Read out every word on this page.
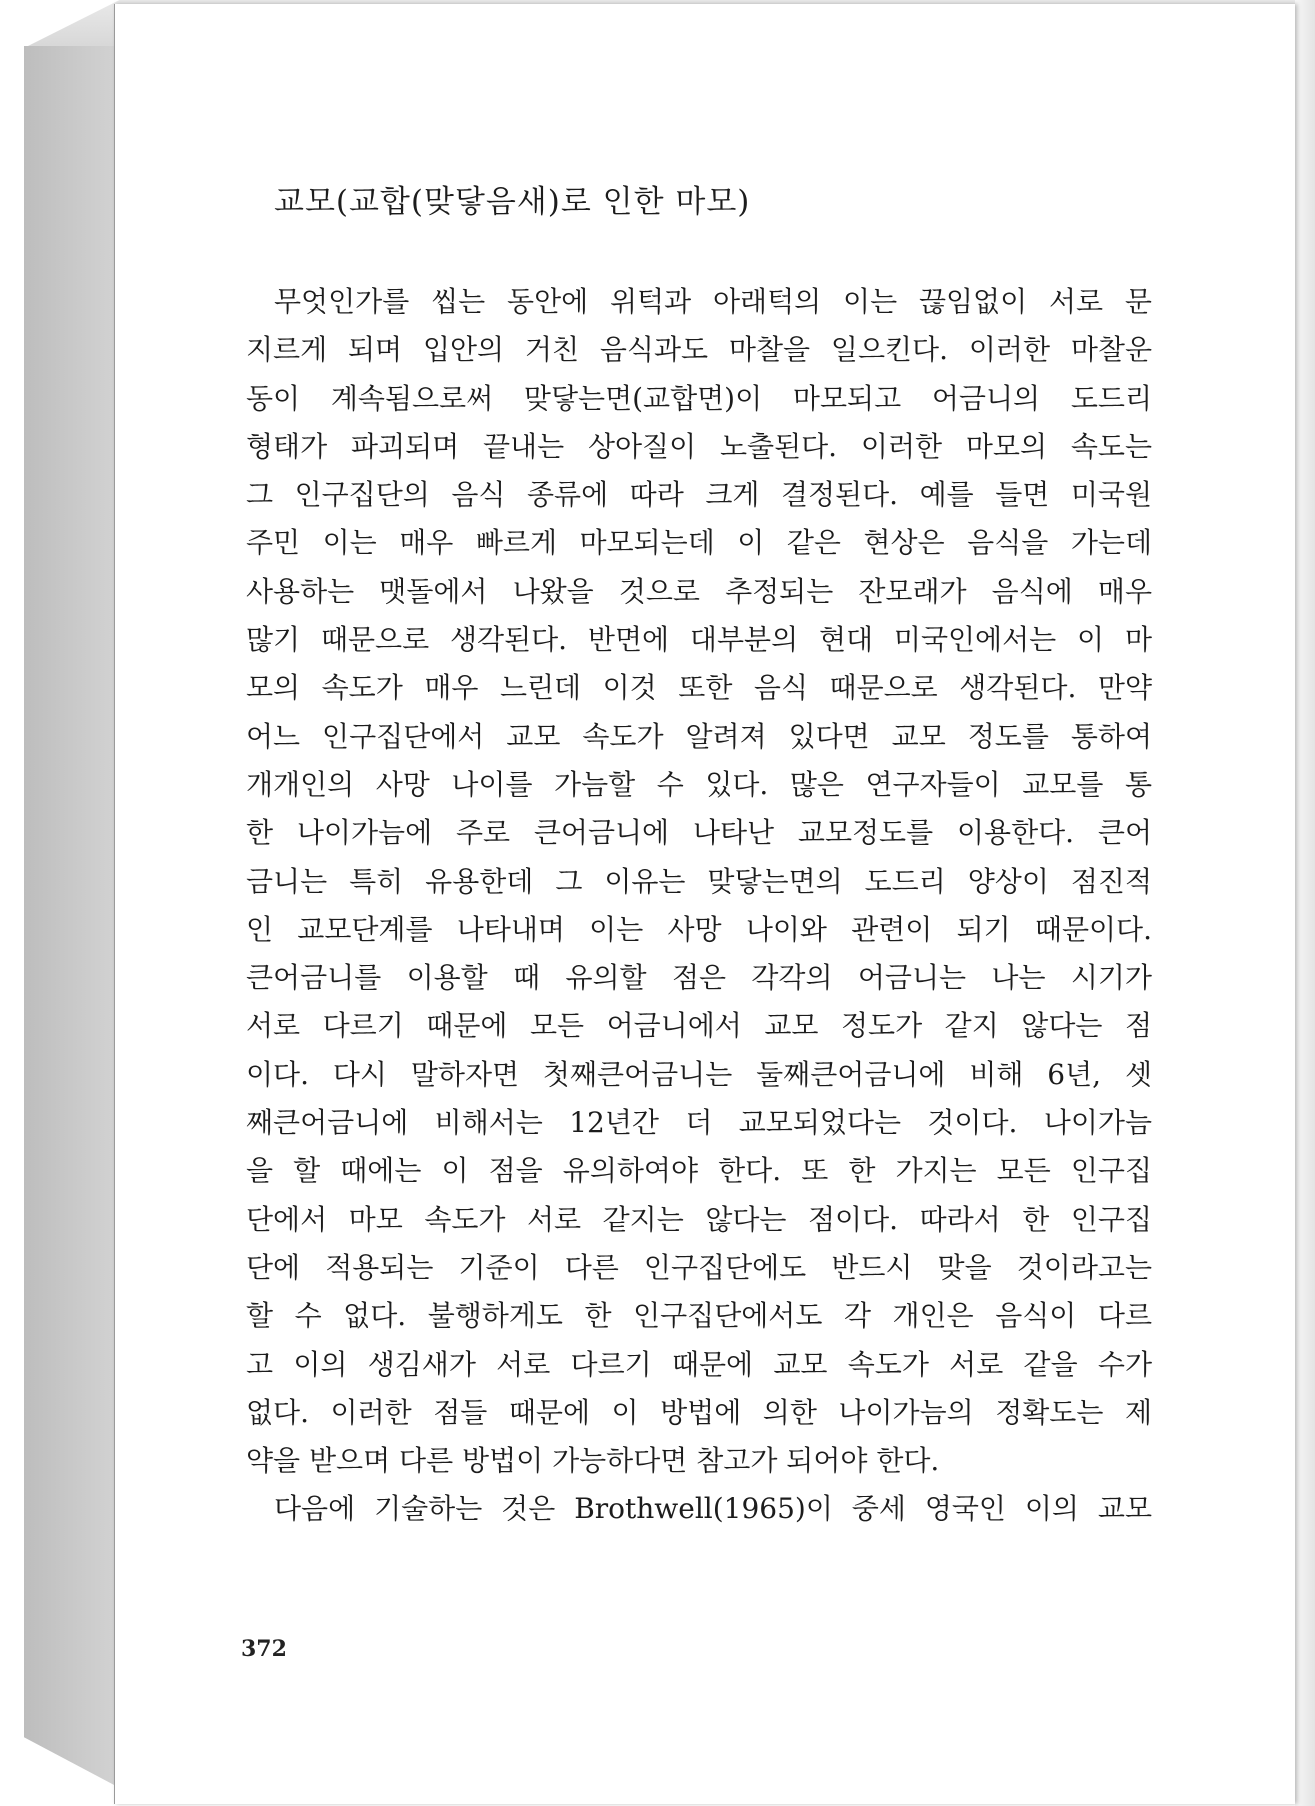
교모(교합(맞닿음새)로 인한 마모)
무엇인가를 씹는 동안에 위턱과 아래턱의 이는 끊임없이 서로 문
지르게 되며 입안의 거친 음식과도 마찰을 일으킨다. 이러한 마찰운
동이 계속됨으로써 맞닿는면(교합면)이 마모되고 어금니의 도드리
형태가 파괴되며 끝내는 상아질이 노출된다. 이러한 마모의 속도는
그 인구집단의 음식 종류에 따라 크게 결정된다. 예를 들면 미국원
주민 이는 매우 빠르게 마모되는데 이 같은 현상은 음식을 가는데
사용하는 맷돌에서 나왔을 것으로 추정되는 잔모래가 음식에 매우
많기 때문으로 생각된다. 반면에 대부분의 현대 미국인에서는 이 마
모의 속도가 매우 느린데 이것 또한 음식 때문으로 생각된다. 만약
어느 인구집단에서 교모 속도가 알려져 있다면 교모 정도를 통하여
개개인의 사망 나이를 가늠할 수 있다. 많은 연구자들이 교모를 통
한 나이가늠에 주로 큰어금니에 나타난 교모정도를 이용한다. 큰어
금니는 특히 유용한데 그 이유는 맞닿는면의 도드리 양상이 점진적
인 교모단계를 나타내며 이는 사망 나이와 관련이 되기 때문이다.
큰어금니를 이용할 때 유의할 점은 각각의 어금니는 나는 시기가
서로 다르기 때문에 모든 어금니에서 교모 정도가 같지 않다는 점
이다. 다시 말하자면 첫째큰어금니는 둘째큰어금니에 비해 6년, 셋
째큰어금니에 비해서는 12년간 더 교모되었다는 것이다. 나이가늠
을 할 때에는 이 점을 유의하여야 한다. 또 한 가지는 모든 인구집
단에서 마모 속도가 서로 같지는 않다는 점이다. 따라서 한 인구집
단에 적용되는 기준이 다른 인구집단에도 반드시 맞을 것이라고는
할 수 없다. 불행하게도 한 인구집단에서도 각 개인은 음식이 다르
고 이의 생김새가 서로 다르기 때문에 교모 속도가 서로 같을 수가
없다. 이러한 점들 때문에 이 방법에 의한 나이가늠의 정확도는 제
약을 받으며 다른 방법이 가능하다면 참고가 되어야 한다.
다음에 기술하는 것은 Brothwell(1965)이 중세 영국인 이의 교모
372
